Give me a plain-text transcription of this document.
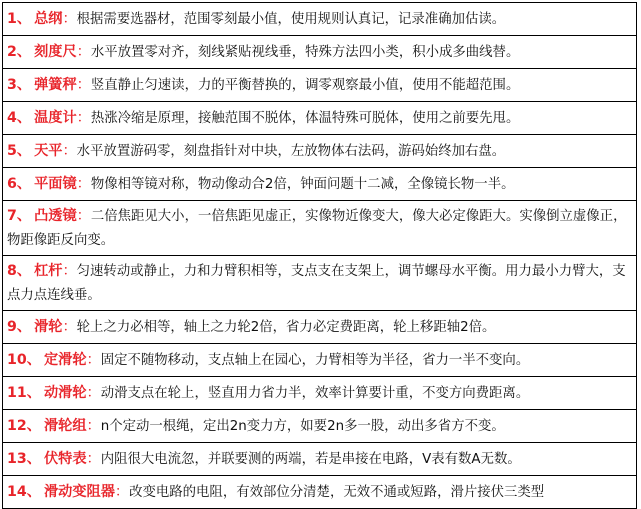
1、 总纲：根据需要选器材，范围零刻最小值，使用规则认真记，记录准确加估读。
2、 刻度尺：水平放置零对齐，刻线紧贴视线垂，特殊方法四小类，积小成多曲线替。
3、 弹簧秤：竖直静止匀速读，力的平衡替换的，调零观察最小值，使用不能超范围。
4、 温度计：热涨冷缩是原理，接触范围不脱体，体温特殊可脱体，使用之前要先甩。
5、 天平：水平放置游码零，刻盘指针对中块，左放物体右法码，游码始终加右盘。
6、 平面镜：物像相等镜对称，物动像动合2倍，钟面问题十二减，全像镜长物一半。
7、 凸透镜：二倍焦距见大小，一倍焦距见虚正，实像物近像变大，像大必定像距大。实像倒立虚像正，物距像距反向变。
8、 杠杆：匀速转动或静止，力和力臂积相等，支点支在支架上，调节螺母水平衡。用力最小力臂大，支点力点连线垂。
9、 滑轮：轮上之力必相等，轴上之力轮2倍，省力必定费距离，轮上移距轴2倍。
10、 定滑轮：固定不随物移动，支点轴上在园心，力臂相等为半径，省力一半不变向。
11、 动滑轮：动滑支点在轮上，竖直用力省力半，效率计算要计重，不变方向费距离。
12、 滑轮组：n个定动一根绳，定出2n变力方，如要2n多一股，动出多省方不变。
13、 伏特表：内阻很大电流忽，并联要测的两端，若是串接在电路，V表有数A无数。
14、 滑动变阻器：改变电路的电阻，有效部位分清楚，无效不通或短路，滑片接伏三类型
